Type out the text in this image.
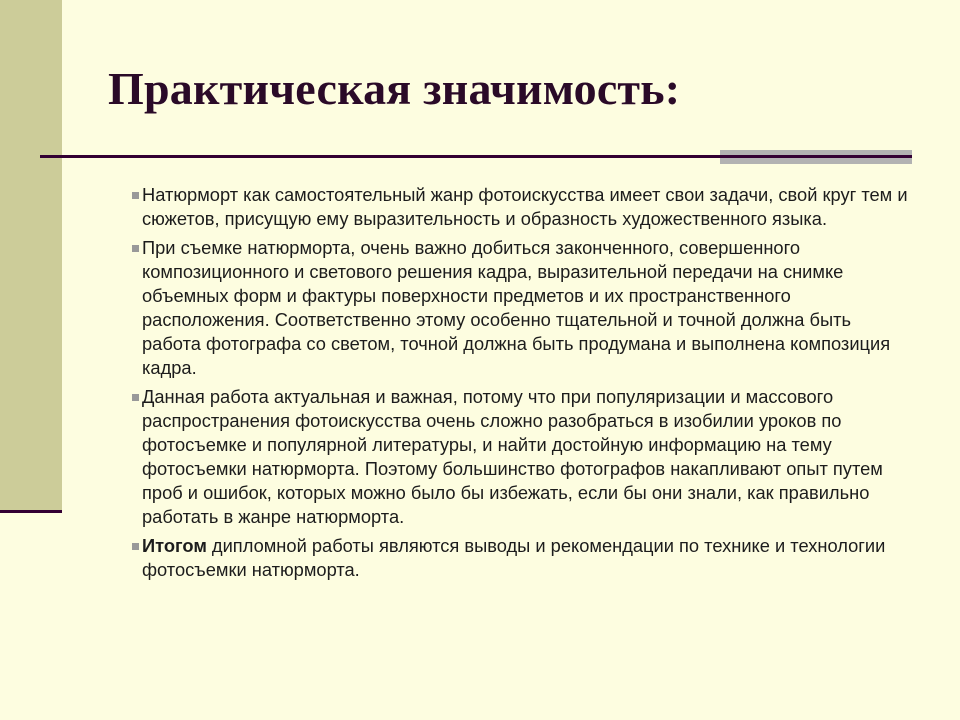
Практическая значимость:
Натюрморт как самостоятельный жанр фотоискусства имеет свои задачи, свой круг тем и сюжетов, присущую ему выразительность и образность художественного языка.
При съемке натюрморта, очень важно добиться законченного, совершенного композиционного и светового решения кадра, выразительной передачи на снимке объемных форм и фактуры поверхности предметов и их пространственного расположения. Соответственно этому особенно тщательной и точной должна быть работа фотографа со светом, точной должна быть продумана и выполнена композиция кадра.
Данная работа актуальная и важная, потому что при популяризации и массового распространения фотоискусства очень сложно разобраться в изобилии уроков по фотосъемке и популярной литературы, и найти достойную информацию на тему фотосъемки натюрморта. Поэтому большинство фотографов накапливают опыт путем проб и ошибок, которых можно было бы избежать, если бы они знали, как правильно работать в жанре натюрморта.
Итогом дипломной работы являются выводы и рекомендации по технике и технологии фотосъемки натюрморта.
